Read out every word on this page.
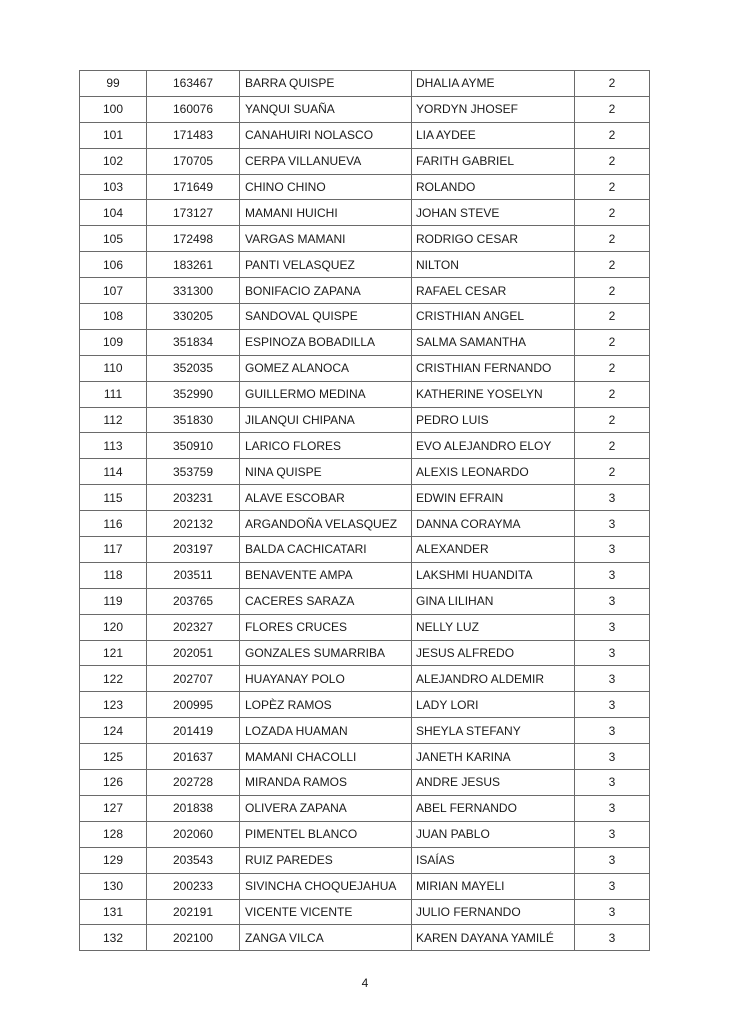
99	163467	BARRA QUISPE	DHALIA AYME	2
100	160076	YANQUI SUAÑA	YORDYN JHOSEF	2
101	171483	CANAHUIRI NOLASCO	LIA AYDEE	2
102	170705	CERPA VILLANUEVA	FARITH GABRIEL	2
103	171649	CHINO CHINO	ROLANDO	2
104	173127	MAMANI HUICHI	JOHAN STEVE	2
105	172498	VARGAS MAMANI	RODRIGO CESAR	2
106	183261	PANTI VELASQUEZ	NILTON	2
107	331300	BONIFACIO ZAPANA	RAFAEL CESAR	2
108	330205	SANDOVAL QUISPE	CRISTHIAN ANGEL	2
109	351834	ESPINOZA BOBADILLA	SALMA SAMANTHA	2
110	352035	GOMEZ ALANOCA	CRISTHIAN FERNANDO	2
111	352990	GUILLERMO MEDINA	KATHERINE YOSELYN	2
112	351830	JILANQUI CHIPANA	PEDRO LUIS	2
113	350910	LARICO FLORES	EVO ALEJANDRO ELOY	2
114	353759	NINA QUISPE	ALEXIS LEONARDO	2
115	203231	ALAVE ESCOBAR	EDWIN EFRAIN	3
116	202132	ARGANDOÑA VELASQUEZ	DANNA CORAYMA	3
117	203197	BALDA CACHICATARI	ALEXANDER	3
118	203511	BENAVENTE AMPA	LAKSHMI HUANDITA	3
119	203765	CACERES SARAZA	GINA LILIHAN	3
120	202327	FLORES CRUCES	NELLY LUZ	3
121	202051	GONZALES SUMARRIBA	JESUS ALFREDO	3
122	202707	HUAYANAY POLO	ALEJANDRO ALDEMIR	3
123	200995	LOPÈZ RAMOS	LADY LORI	3
124	201419	LOZADA HUAMAN	SHEYLA STEFANY	3
125	201637	MAMANI CHACOLLI	JANETH KARINA	3
126	202728	MIRANDA RAMOS	ANDRE JESUS	3
127	201838	OLIVERA ZAPANA	ABEL FERNANDO	3
128	202060	PIMENTEL BLANCO	JUAN PABLO	3
129	203543	RUIZ PAREDES	ISAÍAS	3
130	200233	SIVINCHA CHOQUEJAHUA	MIRIAN MAYELI	3
131	202191	VICENTE VICENTE	JULIO FERNANDO	3
132	202100	ZANGA VILCA	KAREN DAYANA YAMILÉ	3
4
